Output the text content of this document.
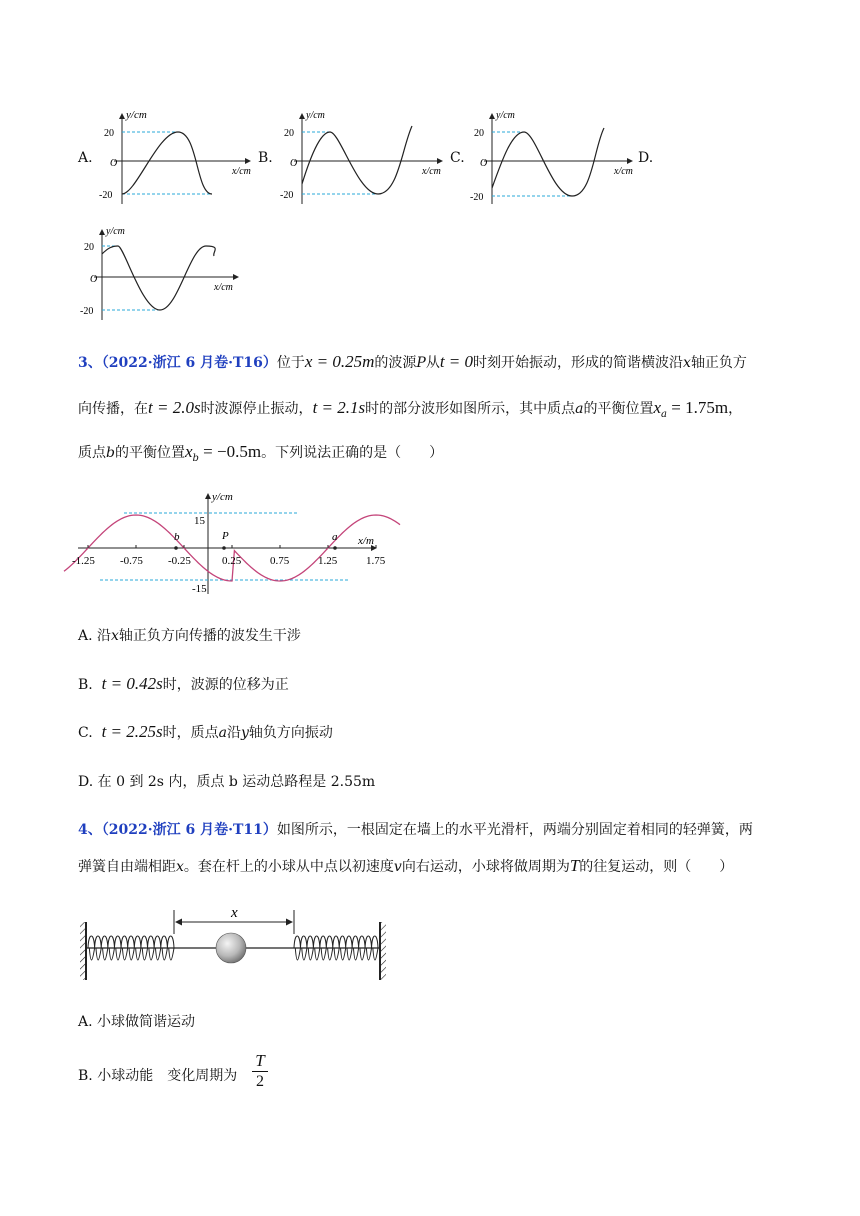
A.	B.	C.	D.
y/cm
20
-20
O
x/cm
y/cm
20
-20
O
x/cm
y/cm
20
-20
O
x/cm
y/cm
20
-20
O
x/cm
3、（2022·浙江 6 月卷·T16）位于x = 0.25m的波源P从t = 0时刻开始振动，形成的简谐横波沿x轴正负方
向传播，在t = 2.0s时波源停止振动，t = 2.1s时的部分波形如图所示，其中质点a的平衡位置$x_a = 1.75m$，
质点b的平衡位置$x_b = -0.5m$。下列说法正确的是（　　）
y/cm
15
-15
x/m
-1.25 -0.75 -0.25	0.25	0.75	1.25	1.75
b	P	a
A. 沿x轴正负方向传播的波发生干涉
B. t = 0.42s时，波源的位移为正
C. t = 2.25s时，质点a沿y轴负方向振动
D. 在 0 到 2s 内，质点 b 运动总路程是 2.55m
4、（2022·浙江 6 月卷·T11）如图所示，一根固定在墙上的水平光滑杆，两端分别固定着相同的轻弹簧，两
弹簧自由端相距x。套在杆上的小球从中点以初速度v向右运动，小球将做周期为T的往复运动，则（　　）
x
A. 小球做简谐运动
B. 小球动能　变化周期为
T
2
